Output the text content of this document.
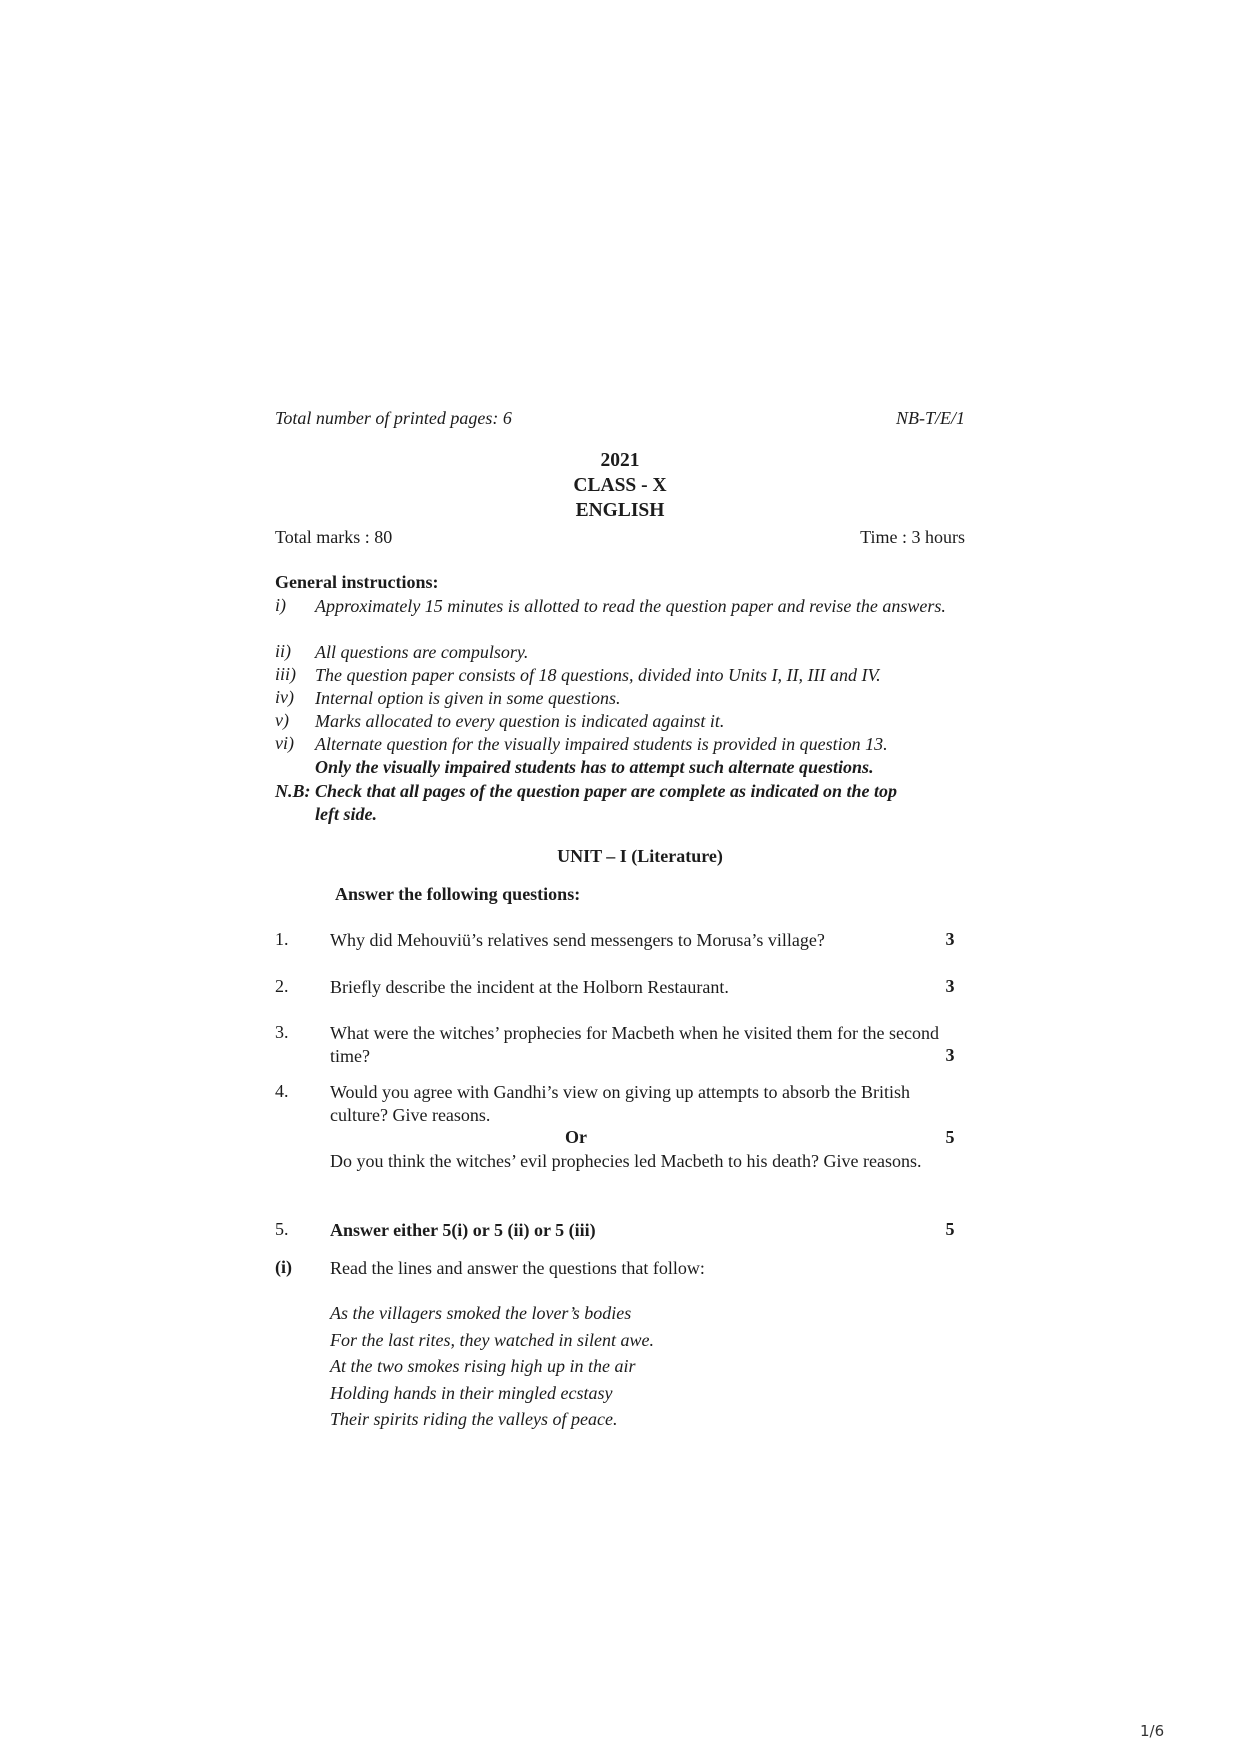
Total number of printed pages: 6	NB-T/E/1
2021
CLASS - X
ENGLISH
Total marks : 80	Time : 3 hours
General instructions:
i)	Approximately 15 minutes is allotted to read the question paper and revise the answers.
ii)	All questions are compulsory.
iii)	The question paper consists of 18 questions, divided into Units I, II, III and IV.
iv)	Internal option is given in some questions.
v)	Marks allocated to every question is indicated against it.
vi)	Alternate question for the visually impaired students is provided in question 13.
Only the visually impaired students has to attempt such alternate questions.
N.B: Check that all pages of the question paper are complete as indicated on the top
left side.
UNIT – I (Literature)
Answer the following questions:
1.	Why did Mehouviü’s relatives send messengers to Morusa’s village?	3
2.	Briefly describe the incident at the Holborn Restaurant.	3
3.	What were the witches’ prophecies for Macbeth when he visited them for the second time?	3
4.	Would you agree with Gandhi’s view on giving up attempts to absorb the British culture? Give reasons.
Or	5
Do you think the witches’ evil prophecies led Macbeth to his death? Give reasons.
5.	Answer either 5(i) or 5 (ii) or 5 (iii)	5
(i)	Read the lines and answer the questions that follow:
As the villagers smoked the lover’s bodies
For the last rites, they watched in silent awe.
At the two smokes rising high up in the air
Holding hands in their mingled ecstasy
Their spirits riding the valleys of peace.
1/6
